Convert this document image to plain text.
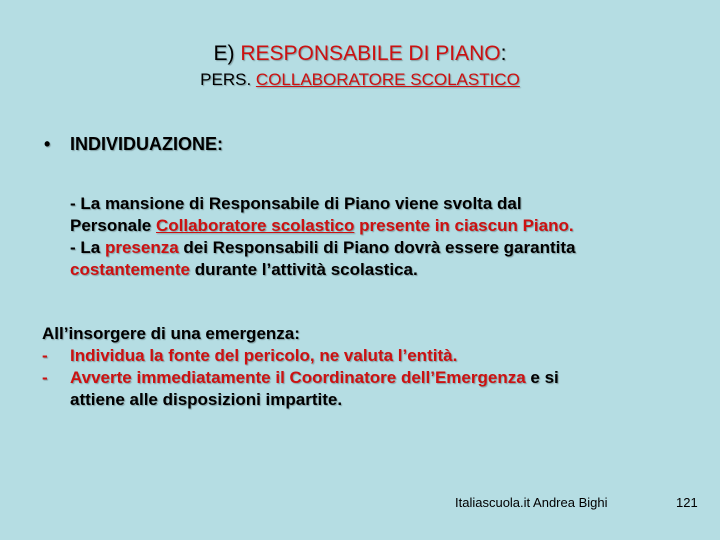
E) RESPONSABILE DI PIANO:
PERS. COLLABORATORE SCOLASTICO
• INDIVIDUAZIONE:
- La mansione di Responsabile di Piano viene svolta dal
Personale Collaboratore scolastico presente in ciascun Piano.
- La presenza dei Responsabili di Piano dovrà essere garantita
costantemente durante l’attività scolastica.
All’insorgere di una emergenza:
- Individua la fonte del pericolo, ne valuta l’entità.
- Avverte immediatamente il Coordinatore dell’Emergenza e si
attiene alle disposizioni impartite.
Italiascuola.it Andrea Bighi	121
